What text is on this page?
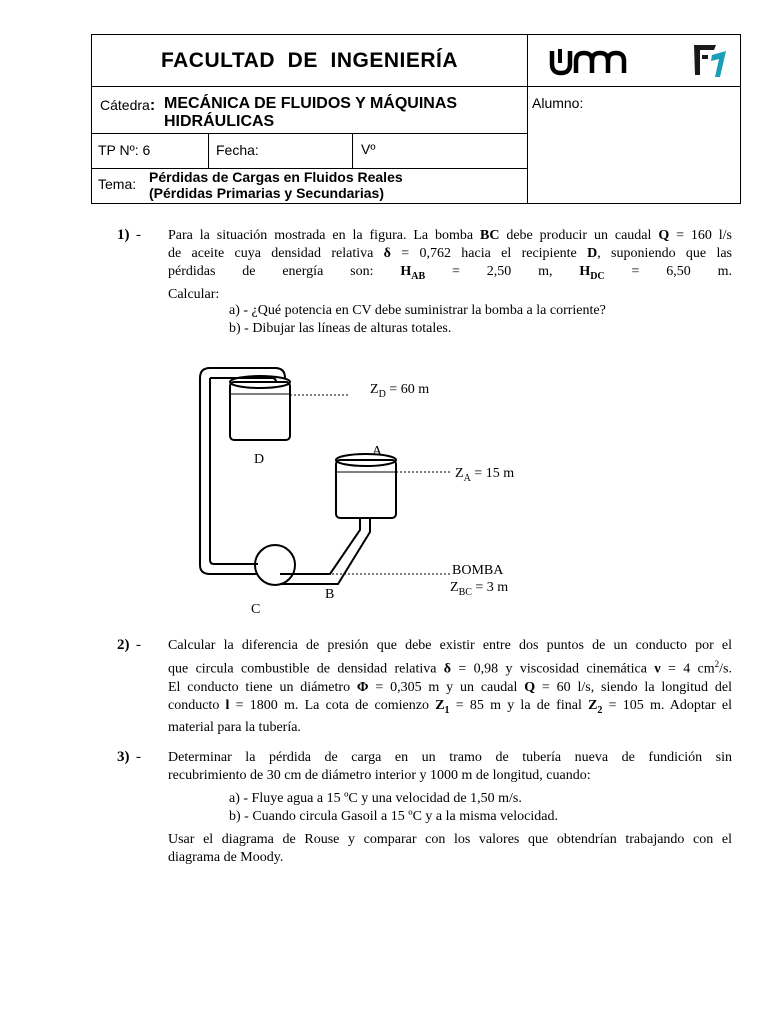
FACULTAD  DE  INGENIERÍA
Cátedra: MECÁNICA DE FLUIDOS Y MÁQUINAS
HIDRÁULICAS
Alumno:
TP Nº: 6	Fecha:	Vº
Tema: Pérdidas de Cargas en Fluidos Reales
(Pérdidas Primarias y Secundarias)
1) - Para la situación mostrada en la figura. La bomba BC debe producir un caudal Q = 160 l/s
de aceite cuya densidad relativa δ = 0,762 hacia el recipiente D, suponiendo que las
pérdidas de energía son: $H_{AB} = 2,50$ m, $H_{DC} = 6,50$ m.
Calcular:
a) - ¿Qué potencia en CV debe suministrar la bomba a la corriente?
b) - Dibujar las líneas de alturas totales.
$Z_D = 60$ m
D
A
$Z_A = 15$ m
BOMBA
$Z_{BC} = 3$ m
B
C
2) - Calcular la diferencia de presión que debe existir entre dos puntos de un conducto por el
que circula combustible de densidad relativa δ = 0,98 y viscosidad cinemática ν = 4 $cm^2/s$.
El conducto tiene un diámetro Φ = 0,305 m y un caudal Q = 60 l/s, siendo la longitud del
conducto l = 1800 m. La cota de comienzo $Z_1 = 85$ m y la de final $Z_2 = 105$ m. Adoptar el
material para la tubería.
3) - Determinar la pérdida de carga en un tramo de tubería nueva de fundición sin
recubrimiento de 30 cm de diámetro interior y 1000 m de longitud, cuando:
a) - Fluye agua a 15 ºC y una velocidad de 1,50 m/s.
b) - Cuando circula Gasoil a 15 ºC y a la misma velocidad.
Usar el diagrama de Rouse y comparar con los valores que obtendrían trabajando con el
diagrama de Moody.
